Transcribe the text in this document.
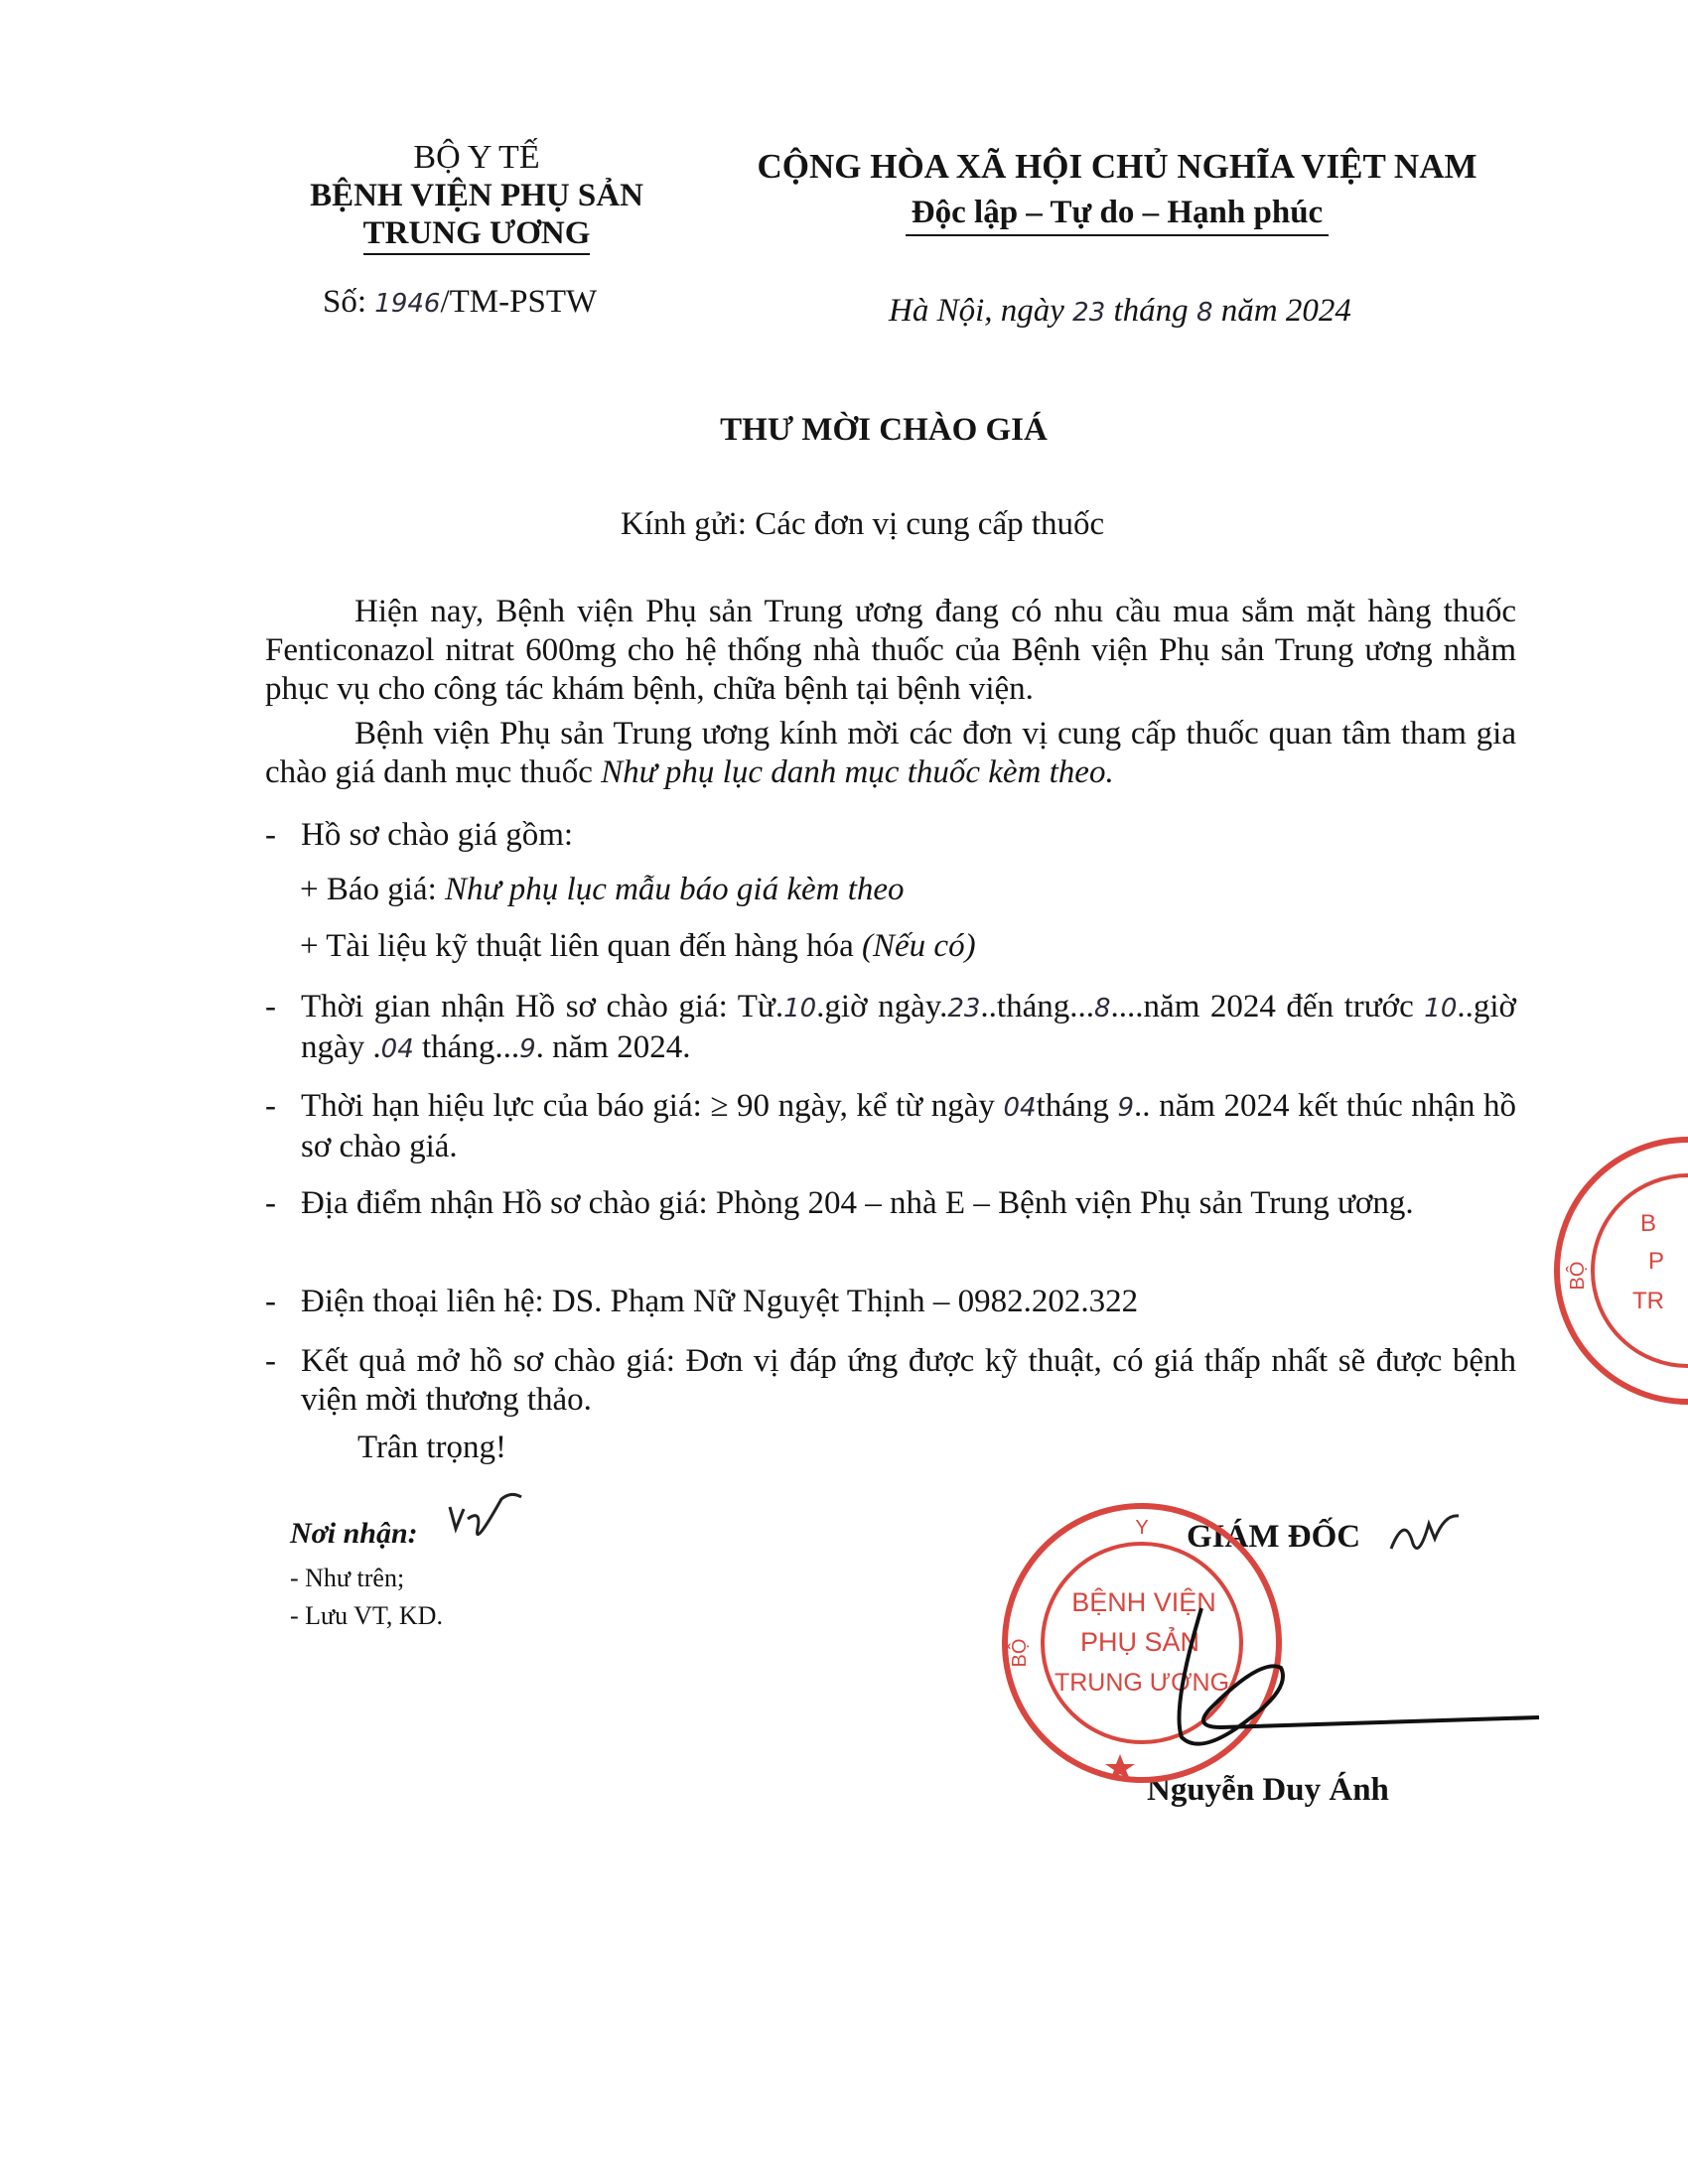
BỘ Y TẾ
BỆNH VIỆN PHỤ SẢN
TRUNG ƯƠNG
Số: 1946/TM-PSTW
CỘNG HÒA XÃ HỘI CHỦ NGHĨA VIỆT NAM
Độc lập – Tự do – Hạnh phúc
Hà Nội, ngày 23 tháng 8 năm 2024
THƯ MỜI CHÀO GIÁ
Kính gửi: Các đơn vị cung cấp thuốc
Hiện nay, Bệnh viện Phụ sản Trung ương đang có nhu cầu mua sắm mặt hàng thuốc Fenticonazol nitrat 600mg cho hệ thống nhà thuốc của Bệnh viện Phụ sản Trung ương nhằm phục vụ cho công tác khám bệnh, chữa bệnh tại bệnh viện.
Bệnh viện Phụ sản Trung ương kính mời các đơn vị cung cấp thuốc quan tâm tham gia chào giá danh mục thuốc Như phụ lục danh mục thuốc kèm theo.
- Hồ sơ chào giá gồm:
+ Báo giá: Như phụ lục mẫu báo giá kèm theo
+ Tài liệu kỹ thuật liên quan đến hàng hóa (Nếu có)
- Thời gian nhận Hồ sơ chào giá: Từ.10.giờ ngày.23..tháng...8....năm 2024 đến trước 10..giờ ngày .04 tháng...9. năm 2024.
- Thời hạn hiệu lực của báo giá: ≥ 90 ngày, kể từ ngày 04tháng 9.. năm 2024 kết thúc nhận hồ sơ chào giá.
- Địa điểm nhận Hồ sơ chào giá: Phòng 204 – nhà E – Bệnh viện Phụ sản Trung ương.
- Điện thoại liên hệ: DS. Phạm Nữ Nguyệt Thịnh – 0982.202.322
- Kết quả mở hồ sơ chào giá: Đơn vị đáp ứng được kỹ thuật, có giá thấp nhất sẽ được bệnh viện mời thương thảo.
Trân trọng!
Nơi nhận:
- Như trên;
- Lưu VT, KD.
GIÁM ĐỐC
Nguyễn Duy Ánh
Y
BỘ
BỆNH VIỆN
PHỤ SẢN
TRUNG ƯƠNG
BỘ
B
P
TR
